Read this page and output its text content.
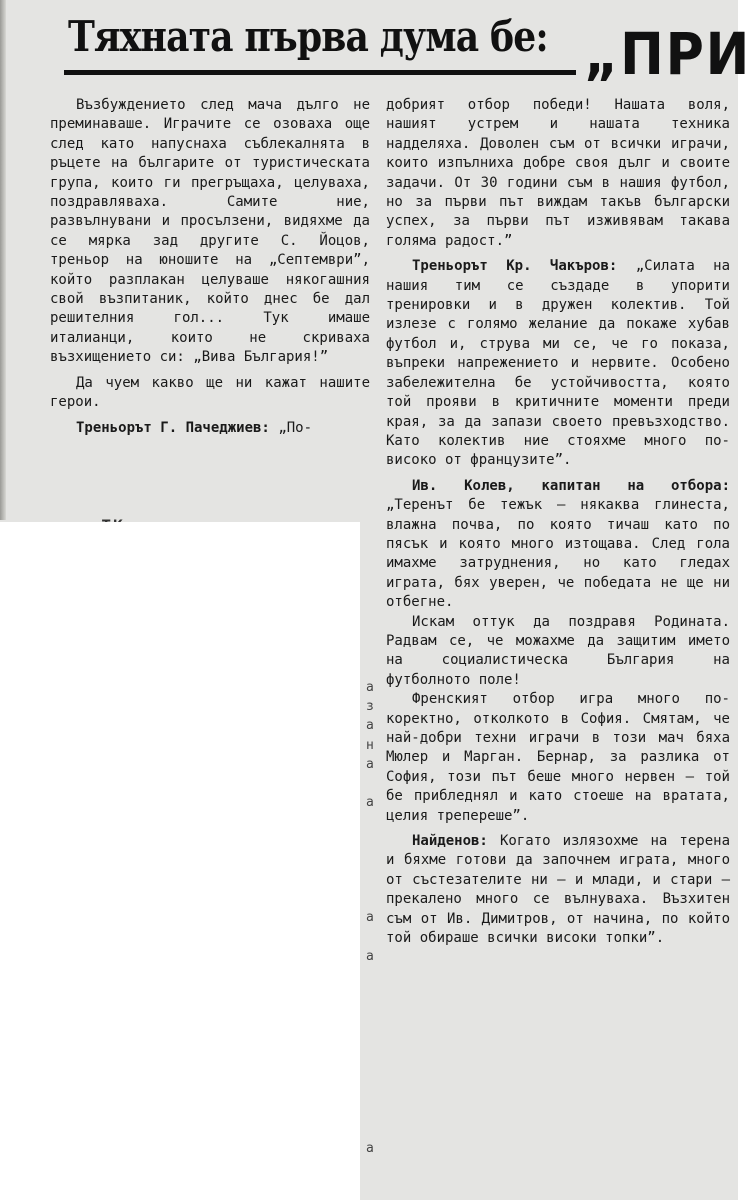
Тяхната първа дума бе: „ПРИ

Възбуждението след мача дълго не преминаваше. Играчите се озоваха още след като напуснаха съблекалнята в ръцете на българите от туристическата група, които ги прегръщаха, целуваха, поздравляваха. Самите ние, развълнувани и просълзени, видяхме да се мярка зад другите С. Йоцов, треньор на юношите на „Септември”, който разплакан целуваше някогашния свой възпитаник, който днес бе дал решителния гол... Тук имаше италианци, които не скриваха възхищението си: „Вива България!”

Да чуем какво ще ни кажат нашите герои.

Треньорът Г. Пачеджиев: „По-

добрият отбор победи! Нашата воля, нашият устрем и нашата техника надделяха. Доволен съм от всички играчи, които изпълниха добре своя дълг и своите задачи. От 30 години съм в нашия футбол, но за първи път виждам такъв български успех, за първи път изживявам такава голяма радост.”

Треньорът Кр. Чакъров: „Силата на нашия тим се създаде в упорити тренировки и в дружен колектив. Той излезе с голямо желание да покаже хубав футбол и, струва ми се, че го показа, въпреки напрежението и нервите. Особено забележителна бе устойчивостта, която той прояви в критичните моменти преди края, за да запази своето превъзходство. Като колектив ние стояхме много по-високо от французите”.

Ив. Колев, капитан на отбора: „Теренът бе тежък — някаква глинеста, влажна почва, по която тичаш като по пясък и която много изтощава. След гола имахме затруднения, но като гледах играта, бях уверен, че победата не ще ни отбегне.

Искам оттук да поздравя Родината. Радвам се, че можахме да защитим името на социалистическа България на футболното поле!

Френският отбор игра много по-коректно, отколкото в София. Смятам, че най-добри техни играчи в този мач бяха Мюлер и Марган. Бернар, за разлика от София, този път беше много нервен — той бе прибледнял и като стоеше на вратата, целия трепереше”.

Найденов: Когато излязохме на терена и бяхме готови да започнем играта, много от състезателите ни — и млади, и стари — прекалено много се вълнуваха. Възхитен съм от Ив. Димитров, от начина, по който той обираше всички високи топки”.

а
з
а
н
а
а
а
а
а
